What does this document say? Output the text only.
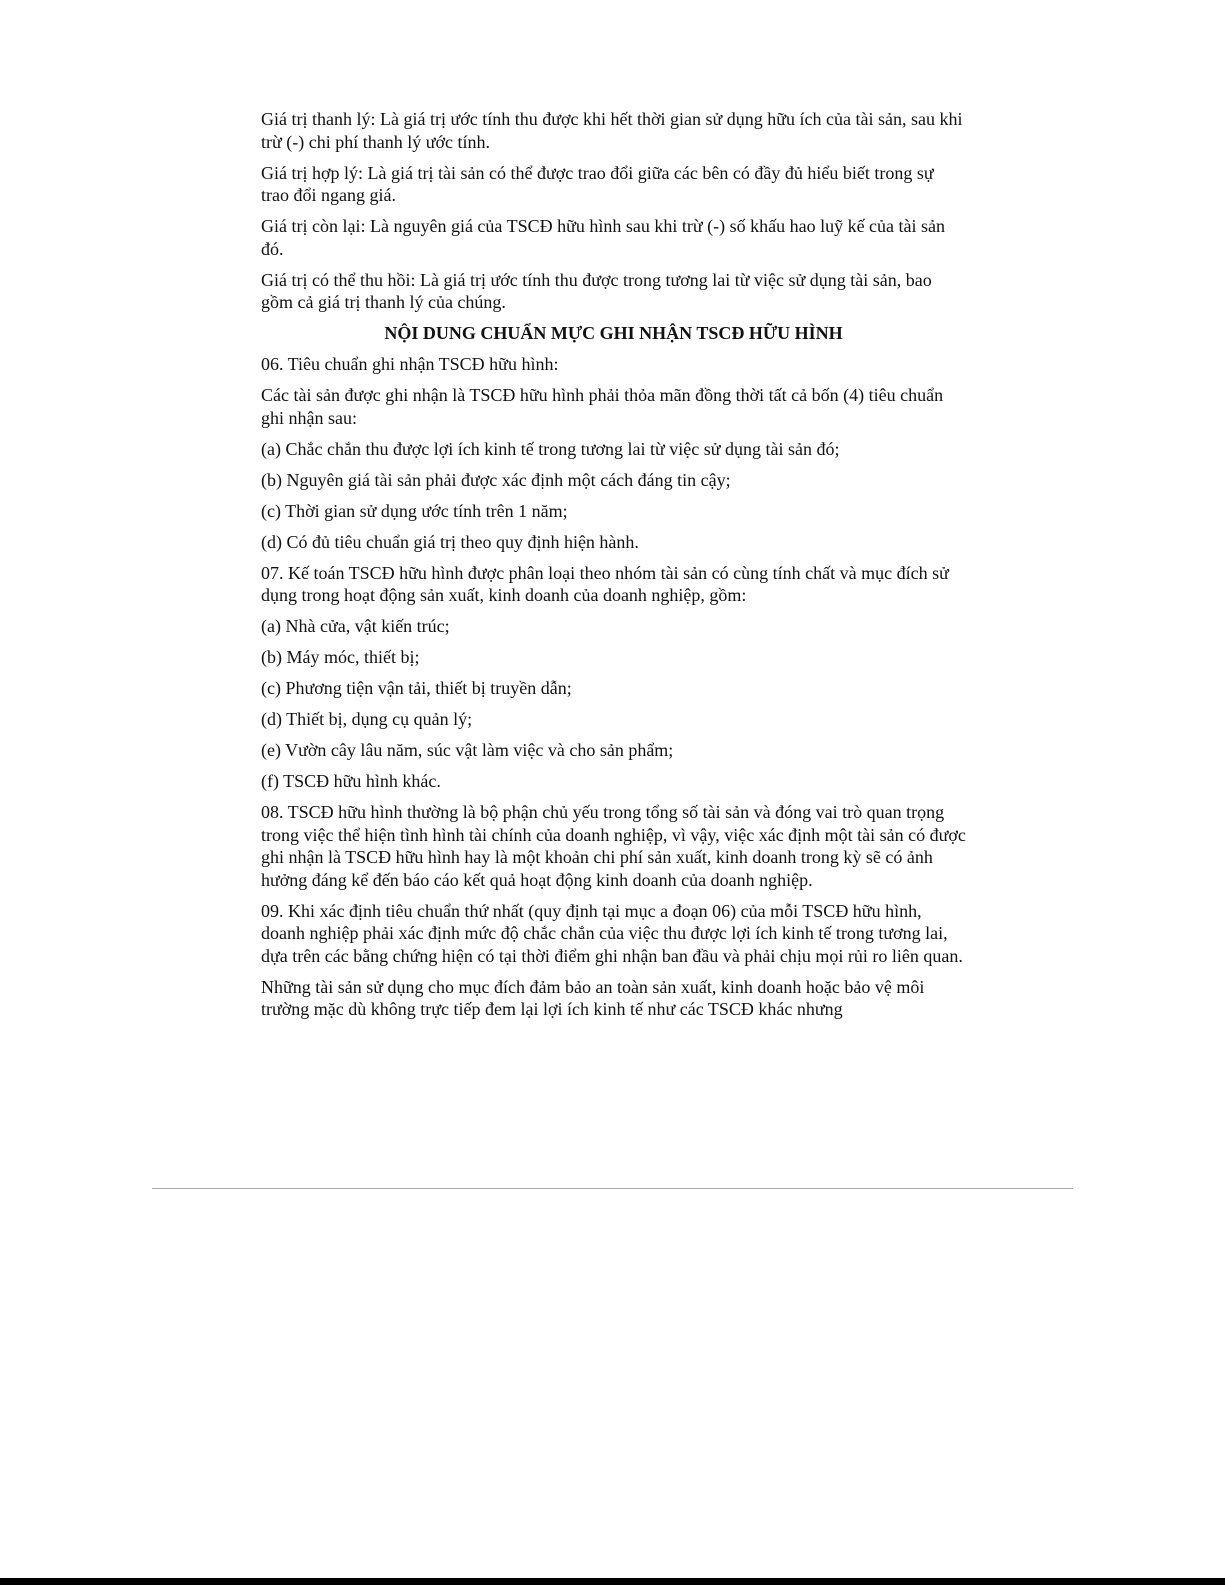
Giá trị thanh lý: Là giá trị ước tính thu được khi hết thời gian sử dụng hữu ích của tài sản, sau khi trừ (-) chi phí thanh lý ước tính.

Giá trị hợp lý: Là giá trị tài sản có thể được trao đổi giữa các bên có đầy đủ hiểu biết trong sự trao đổi ngang giá.

Giá trị còn lại: Là nguyên giá của TSCĐ hữu hình sau khi trừ (-) số khấu hao luỹ kế của tài sản đó.

Giá trị có thể thu hồi: Là giá trị ước tính thu được trong tương lai từ việc sử dụng tài sản, bao gồm cả giá trị thanh lý của chúng.

NỘI DUNG CHUẨN MỰC GHI NHẬN TSCĐ HỮU HÌNH

06. Tiêu chuẩn ghi nhận TSCĐ hữu hình:

Các tài sản được ghi nhận là TSCĐ hữu hình phải thỏa mãn đồng thời tất cả bốn (4) tiêu chuẩn ghi nhận sau:

(a) Chắc chắn thu được lợi ích kinh tế trong tương lai từ việc sử dụng tài sản đó;

(b) Nguyên giá tài sản phải được xác định một cách đáng tin cậy;

(c) Thời gian sử dụng ước tính trên 1 năm;

(d) Có đủ tiêu chuẩn giá trị theo quy định hiện hành.

07. Kế toán TSCĐ hữu hình được phân loại theo nhóm tài sản có cùng tính chất và mục đích sử dụng trong hoạt động sản xuất, kinh doanh của doanh nghiệp, gồm:

(a) Nhà cửa, vật kiến trúc;

(b) Máy móc, thiết bị;

(c) Phương tiện vận tải, thiết bị truyền dẫn;

(d) Thiết bị, dụng cụ quản lý;

(e) Vườn cây lâu năm, súc vật làm việc và cho sản phẩm;

(f) TSCĐ hữu hình khác.

08. TSCĐ hữu hình thường là bộ phận chủ yếu trong tổng số tài sản và đóng vai trò quan trọng trong việc thể hiện tình hình tài chính của doanh nghiệp, vì vậy, việc xác định một tài sản có được ghi nhận là TSCĐ hữu hình hay là một khoản chi phí sản xuất, kinh doanh trong kỳ sẽ có ảnh hưởng đáng kể đến báo cáo kết quả hoạt động kinh doanh của doanh nghiệp.

09. Khi xác định tiêu chuẩn thứ nhất (quy định tại mục a đoạn 06) của mỗi TSCĐ hữu hình, doanh nghiệp phải xác định mức độ chắc chắn của việc thu được lợi ích kinh tế trong tương lai, dựa trên các bằng chứng hiện có tại thời điểm ghi nhận ban đầu và phải chịu mọi rủi ro liên quan.

Những tài sản sử dụng cho mục đích đảm bảo an toàn sản xuất, kinh doanh hoặc bảo vệ môi trường mặc dù không trực tiếp đem lại lợi ích kinh tế như các TSCĐ khác nhưng
